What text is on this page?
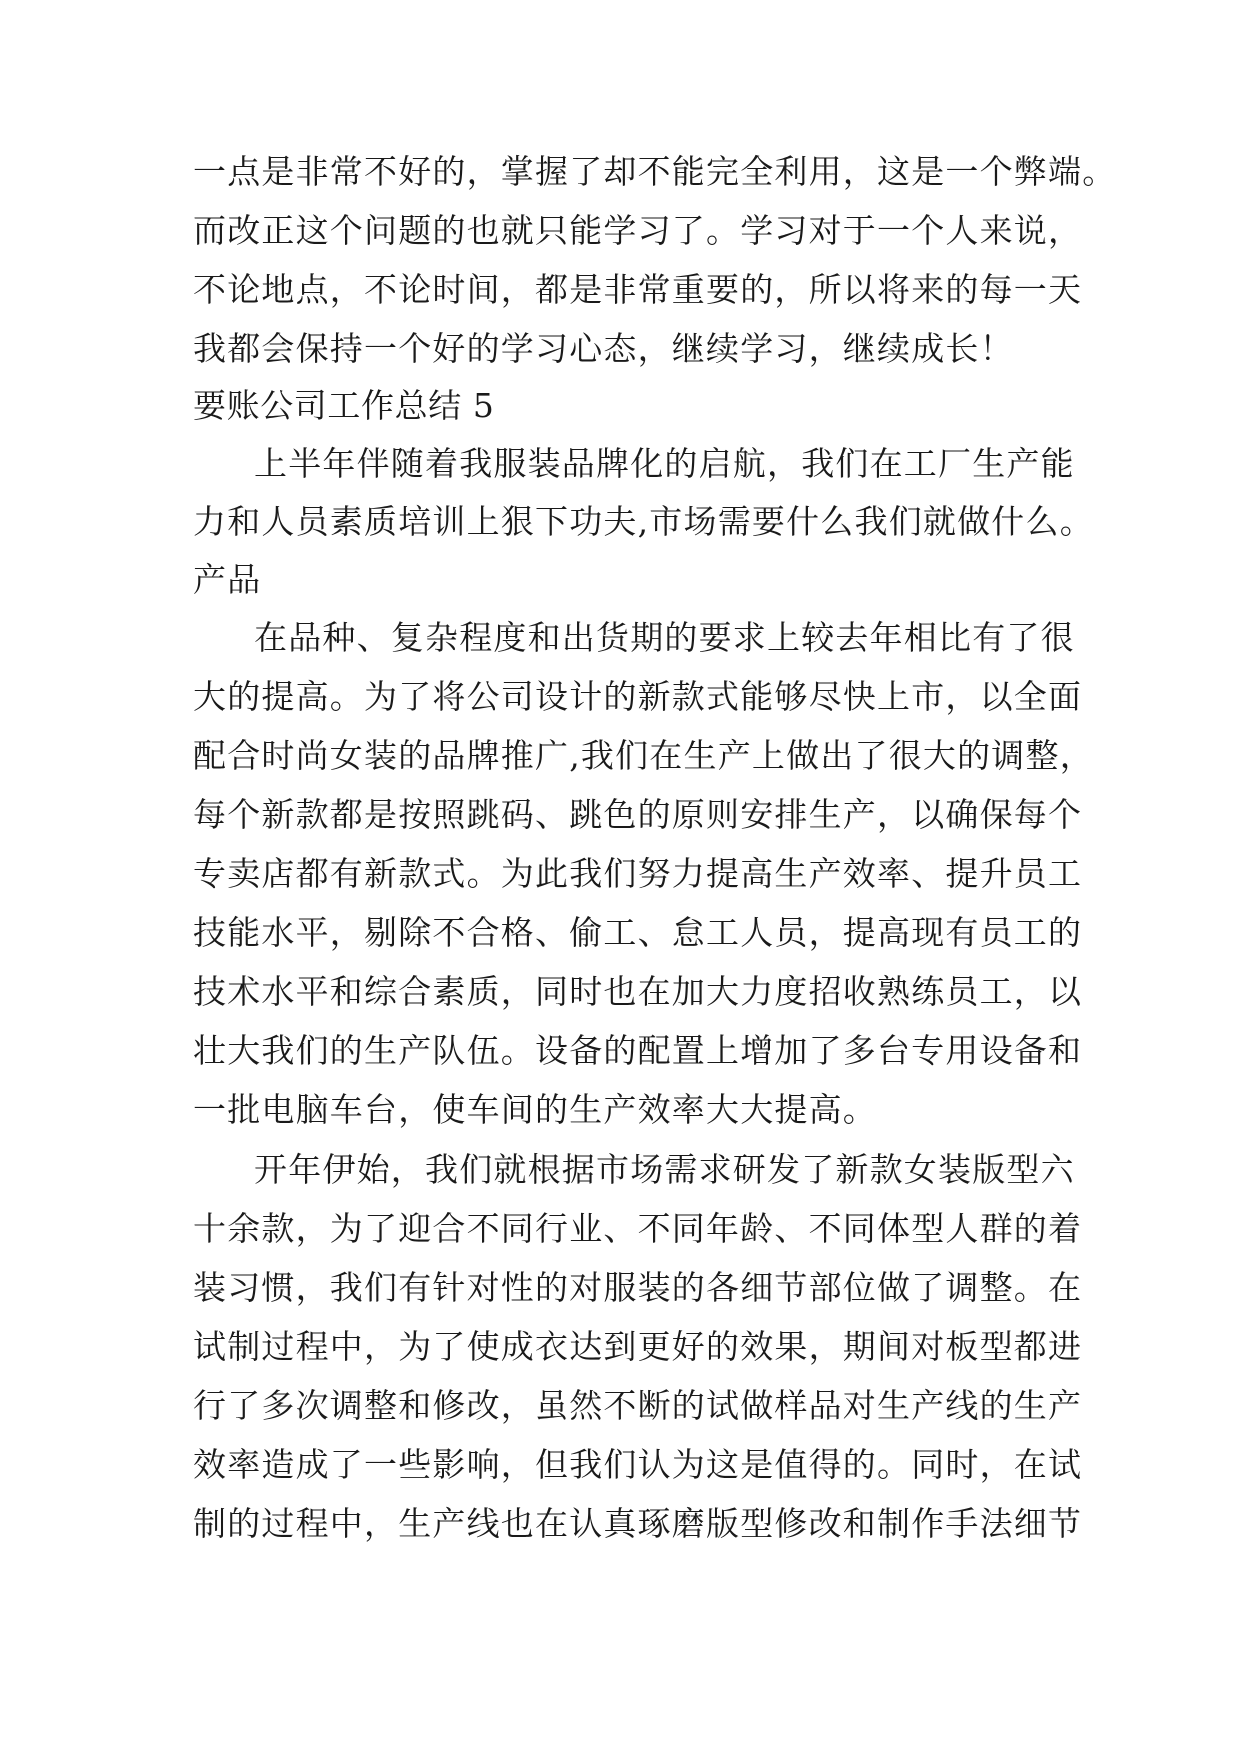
一点是非常不好的，掌握了却不能完全利用，这是一个弊端。
而改正这个问题的也就只能学习了。学习对于一个人来说，
不论地点，不论时间，都是非常重要的，所以将来的每一天
我都会保持一个好的学习心态，继续学习，继续成长！
要账公司工作总结 5
上半年伴随着我服装品牌化的启航，我们在工厂生产能
力和人员素质培训上狠下功夫,市场需要什么我们就做什么。
产品
在品种、复杂程度和出货期的要求上较去年相比有了很
大的提高。为了将公司设计的新款式能够尽快上市，以全面
配合时尚女装的品牌推广,我们在生产上做出了很大的调整，
每个新款都是按照跳码、跳色的原则安排生产，以确保每个
专卖店都有新款式。为此我们努力提高生产效率、提升员工
技能水平，剔除不合格、偷工、怠工人员，提高现有员工的
技术水平和综合素质，同时也在加大力度招收熟练员工，以
壮大我们的生产队伍。设备的配置上增加了多台专用设备和
一批电脑车台，使车间的生产效率大大提高。
开年伊始，我们就根据市场需求研发了新款女装版型六
十余款，为了迎合不同行业、不同年龄、不同体型人群的着
装习惯，我们有针对性的对服装的各细节部位做了调整。在
试制过程中，为了使成衣达到更好的效果，期间对板型都进
行了多次调整和修改，虽然不断的试做样品对生产线的生产
效率造成了一些影响，但我们认为这是值得的。同时，在试
制的过程中，生产线也在认真琢磨版型修改和制作手法细节
